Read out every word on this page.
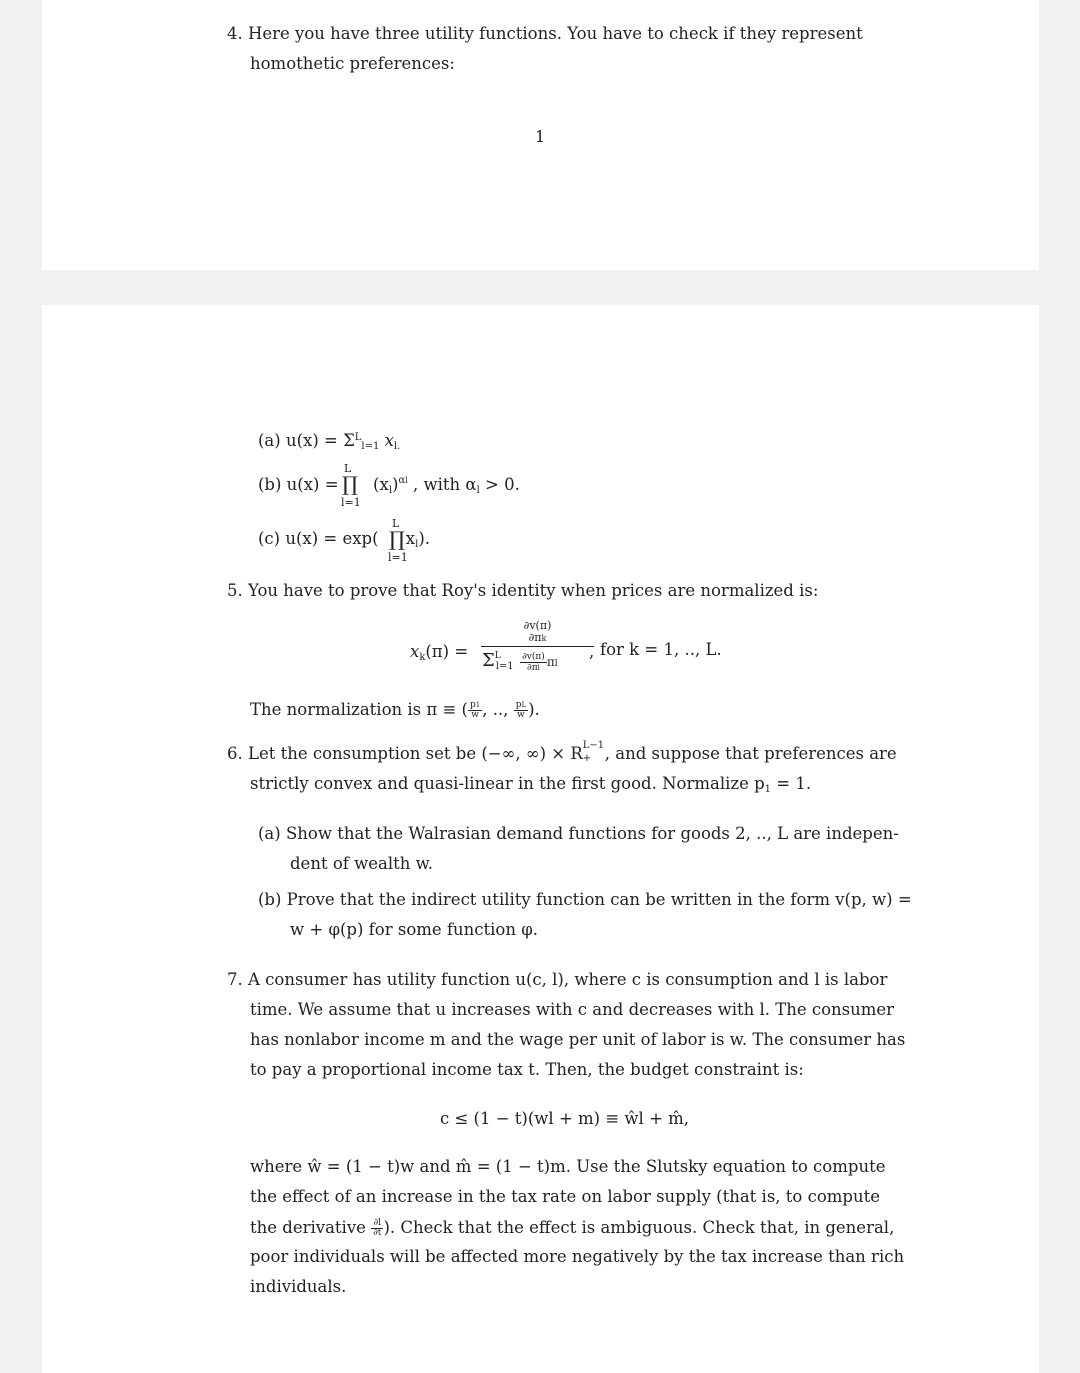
4. Here you have three utility functions. You have to check if they represent
homothetic preferences:
1
(a) $u(x) = \Sigma^L_{l=1}$ $x_{l.}$
(b) $u(x) = (x_l)^{\alpha l}$ , with $\alpha_l > 0$.
∏
L
l=1
(c) u(x) = exp( $x_l$).
∏
L
l=1
5. You have to prove that Roy's identity when prices are normalized is:
$x_k(\pi)$ =
∂v(π)
∂πk
$\Sigma^L_{l=1} \frac{\partial v(\pi)}{\partial\pi l}$ πl
, for k = 1, .., L.
The normalization is π ≡ ( $\frac{p1}{w}$ , .., $\frac{pL}{w}$ ).
6. Let the consumption set be (−∞, ∞) × R L−1
+ , and suppose that preferences are
strictly convex and quasi-linear in the first good. Normalize $p_1 = 1$.
(a) Show that the Walrasian demand functions for goods 2, .., L are indepen-
dent of wealth w.
(b) Prove that the indirect utility function can be written in the form v(p, w) =
w + φ(p) for some function φ.
7. A consumer has utility function u(c, l), where c is consumption and l is labor
time. We assume that u increases with c and decreases with l. The consumer
has nonlabor income m and the wage per unit of labor is w. The consumer has
to pay a proportional income tax t. Then, the budget constraint is:
c ≤ (1 − t)(wl + m) ≡ ŵl + m̂,
where ŵ = (1 − t)w and m̂ = (1 − t)m. Use the Slutsky equation to compute
the effect of an increase in the tax rate on labor supply (that is, to compute
the derivative $\frac{\partial l}{\partial t}$ ). Check that the effect is ambiguous. Check that, in general,
poor individuals will be affected more negatively by the tax increase than rich
individuals.
